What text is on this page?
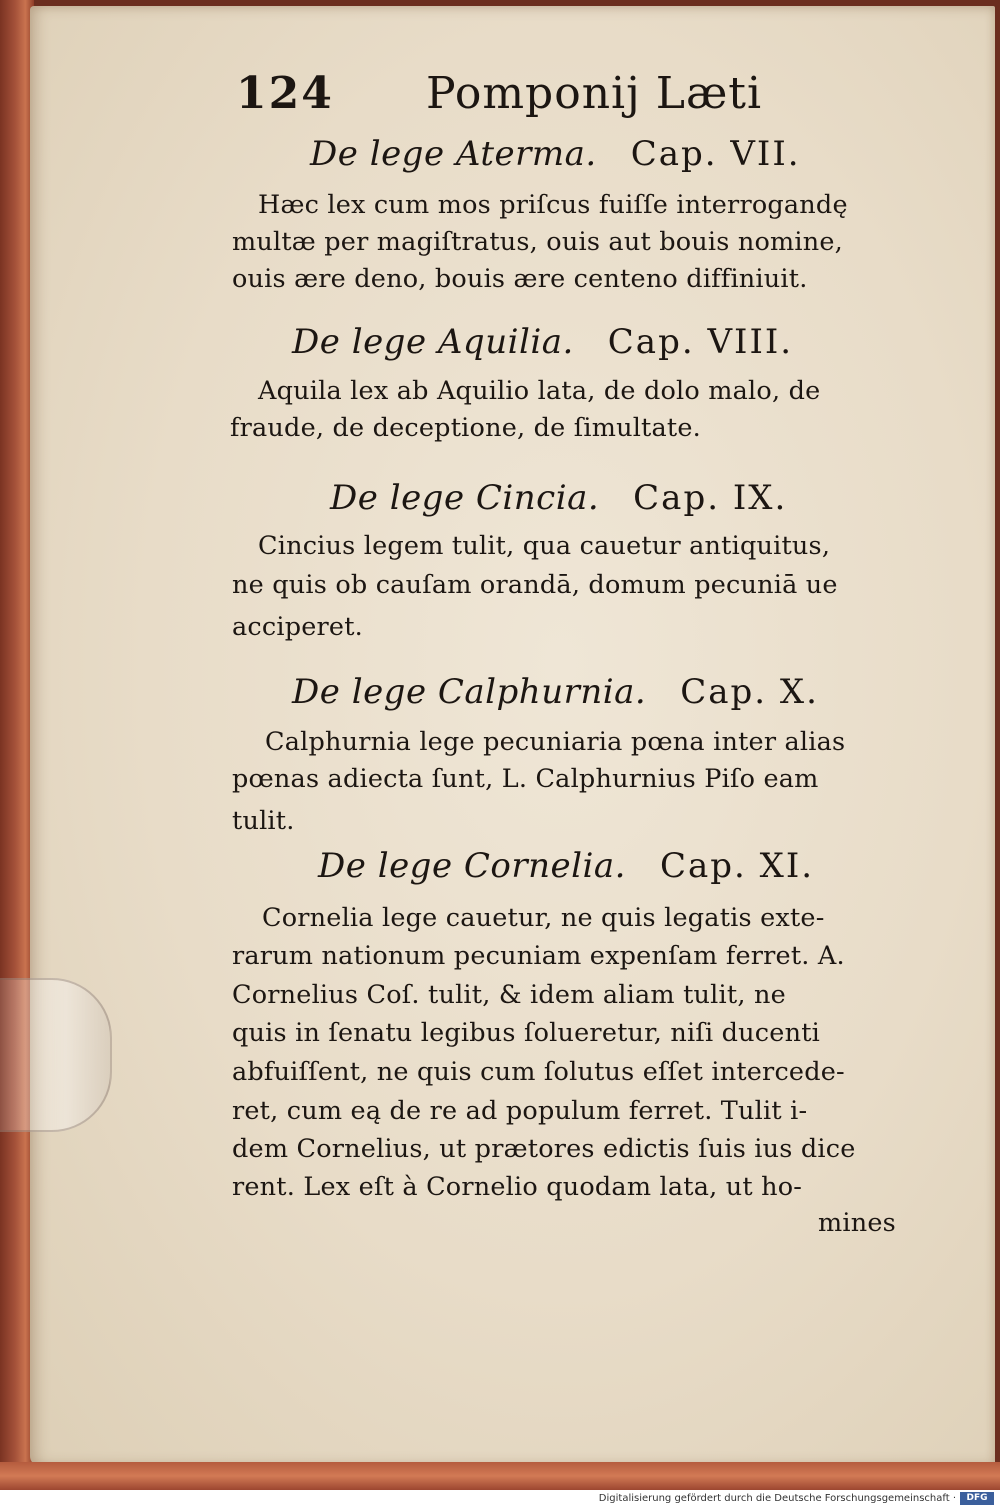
124 Pomponij Læti
De lege Aterma. Cap. VII.
Hæc lex cum mos priſcus fuiſſe interrogandę
multæ per magiſtratus, ouis aut bouis nomine,
ouis ære deno, bouis ære centeno diffiniuit.
De lege Aquilia. Cap. VIII.
Aquila lex ab Aquilio lata, de dolo malo, de
fraude, de deceptione, de ſimultate.
De lege Cincia. Cap. IX.
Cincius legem tulit, qua cauetur antiquitus,
ne quis ob cauſam orandā, domum pecuniā ue
acciperet.
De lege Calphurnia. Cap. X.
Calphurnia lege pecuniaria pœna inter alias
pœnas adiecta ſunt, L. Calphurnius Piſo eam
tulit.
De lege Cornelia. Cap. XI.
Cornelia lege cauetur, ne quis legatis exte-
rarum nationum pecuniam expenſam ferret. A.
Cornelius Coſ. tulit, & idem aliam tulit, ne
quis in ſenatu legibus ſolueretur, niſi ducenti
abfuiſſent, ne quis cum ſolutus eſſet intercede-
ret, cum eą de re ad populum ferret. Tulit i-
dem Cornelius, ut prætores edictis ſuis ius dice
rent. Lex eſt à Cornelio quodam lata, ut ho-
mines
Digitalisierung gefördert durch die Deutsche Forschungsgemeinschaft ·	DFG
